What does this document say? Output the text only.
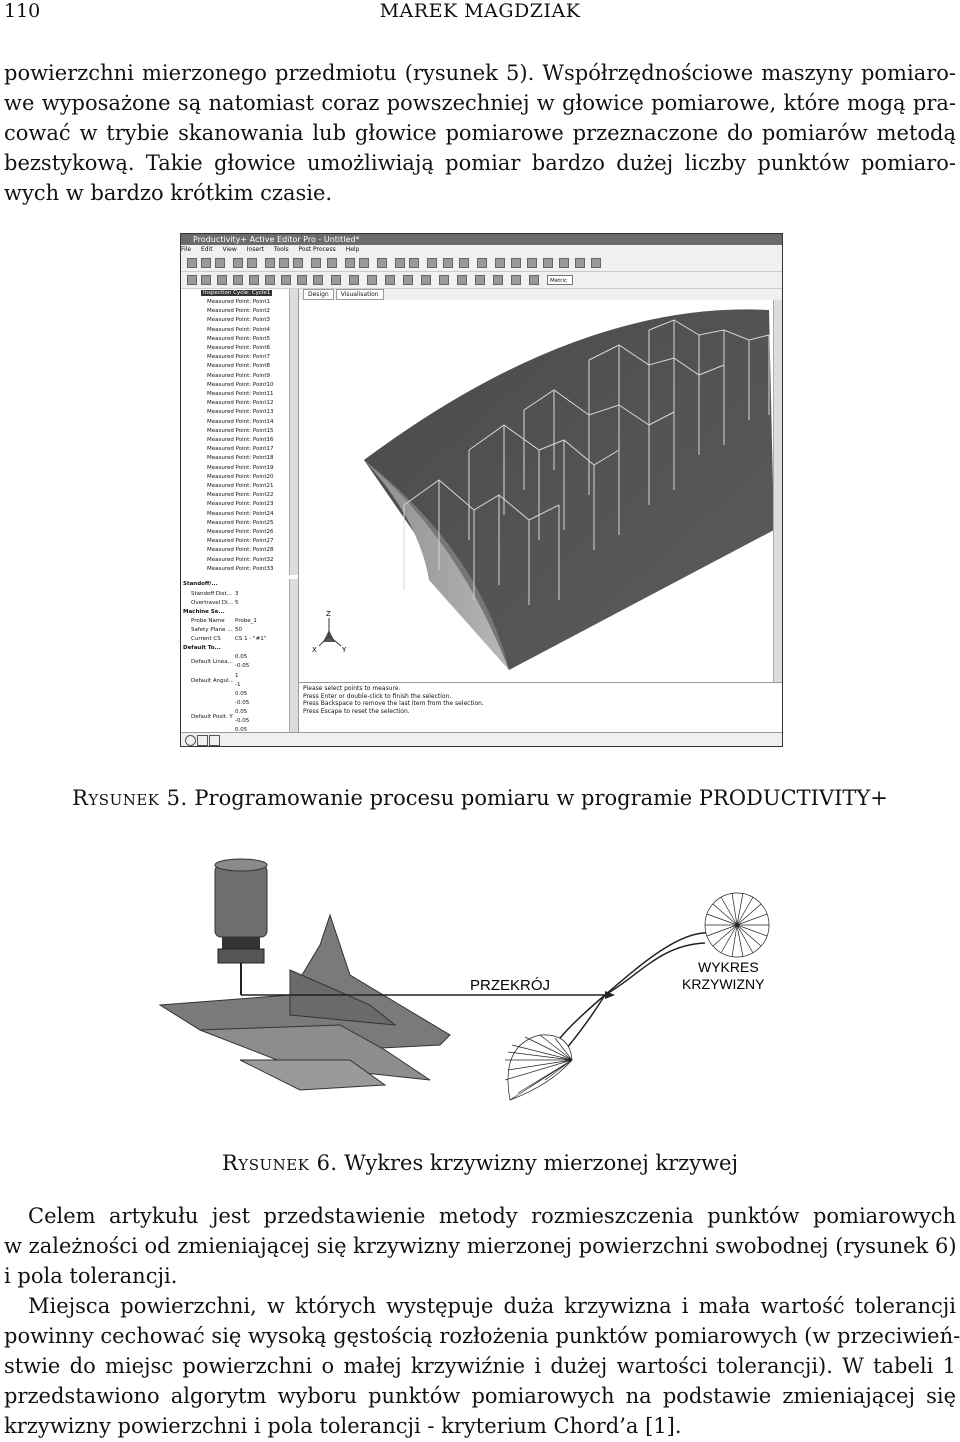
110	MAREK MAGDZIAK
powierzchni mierzonego przedmiotu (rysunek 5). Współrzędnościowe maszyny pomiaro-
we wyposażone są natomiast coraz powszechniej w głowice pomiarowe, które mogą pra-
cować w trybie skanowania lub głowice pomiarowe przeznaczone do pomiarów metodą
bezstykową. Takie głowice umożliwiają pomiar bardzo dużej liczby punktów pomiaro-
wych w bardzo krótkim czasie.
Productivity+ Active Editor Pro - Untitled*
File Edit View Insert Tools Post Process Help
Metric
Inspection Cycle: Cycle1
Measured Point: Point1
Measured Point: Point2
Measured Point: Point3
Measured Point: Point4
Measured Point: Point5
Measured Point: Point6
Measured Point: Point7
Measured Point: Point8
Measured Point: Point9
Measured Point: Point10
Measured Point: Point11
Measured Point: Point12
Measured Point: Point13
Measured Point: Point14
Measured Point: Point15
Measured Point: Point16
Measured Point: Point17
Measured Point: Point18
Measured Point: Point19
Measured Point: Point20
Measured Point: Point21
Measured Point: Point22
Measured Point: Point23
Measured Point: Point24
Measured Point: Point25
Measured Point: Point26
Measured Point: Point27
Measured Point: Point28
Measured Point: Point32
Measured Point: Point33
Standoff/...
Standoff Dist... 3
Overtravel Di... 5
Machine Se...
Probe Name Probe_1
Safety Plane ... 50
Current CS	CS 1 - "#1"
Default To...
Default Linea...
0.05
-0.05
Default Angul...
1
-1
0.05
-0.05
Default Posit. Y
0.05
-0.05
0.05
Design Visualisation
Z
X	Y
Please select points to measure.
Press Enter or double-click to finish the selection.
Press Backspace to remove the last item from the selection.
Press Escape to reset the selection.
Rysunek 5. Programowanie procesu pomiaru w programie PRODUCTIVITY+
PRZEKRÓJ
WYKRES
KRZYWIZNY
Rysunek 6. Wykres krzywizny mierzonej krzywej
Celem artykułu jest przedstawienie metody rozmieszczenia punktów pomiarowych
w zależności od zmieniającej się krzywizny mierzonej powierzchni swobodnej (rysunek 6)
i pola tolerancji.
Miejsca powierzchni, w których występuje duża krzywizna i mała wartość tolerancji
powinny cechować się wysoką gęstością rozłożenia punktów pomiarowych (w przeciwień-
stwie do miejsc powierzchni o małej krzywiźnie i dużej wartości tolerancji). W tabeli 1
przedstawiono algorytm wyboru punktów pomiarowych na podstawie zmieniającej się
krzywizny powierzchni i pola tolerancji - kryterium Chord’a [1].
